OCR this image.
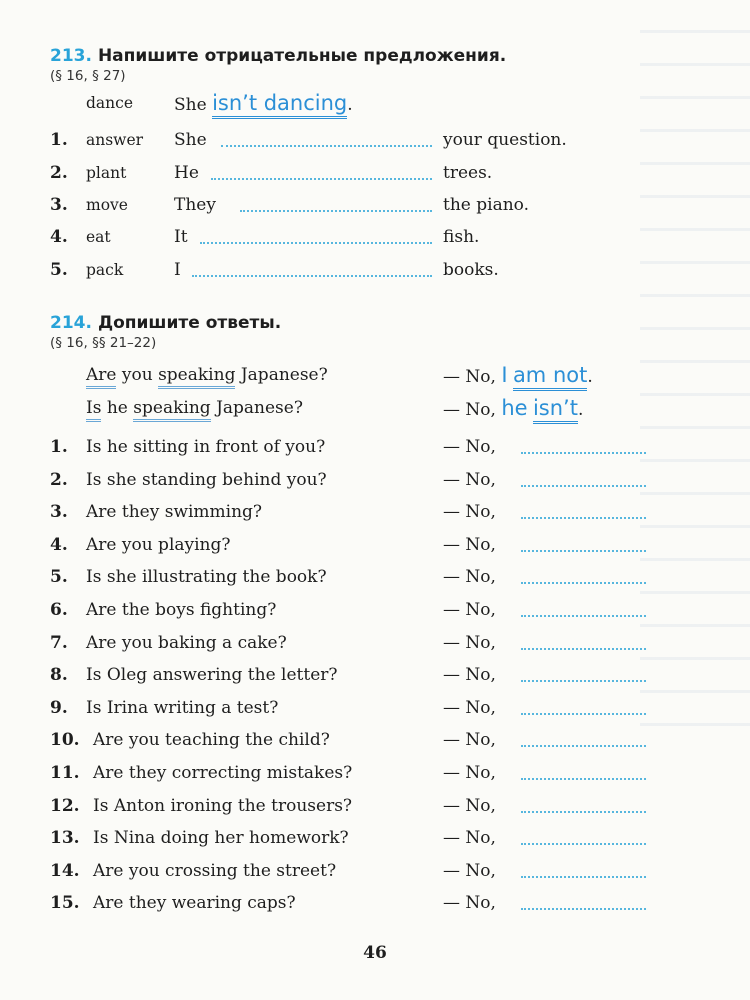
213. Напишите отрицательные предложения.
(§ 16, § 27)
dance She isn’t dancing.
1.	answer She	your question.
2.	plant	He	trees.
3.	move	They	the piano.
4.	eat	It	fish.
5.	pack	I	books.
214. Допишите ответы.
(§ 16, §§ 21–22)
Are you speaking Japanese?	— No, I am not.
Is he speaking Japanese?	— No, he isn’t.
1. Is he sitting in front of you?	— No,
2. Is she standing behind you?	— No,
3. Are they swimming?	— No,
4. Are you playing?	— No,
5. Is she illustrating the book?	— No,
6. Are the boys fighting?	— No,
7. Are you baking a cake?	— No,
8. Is Oleg answering the letter?	— No,
9. Is Irina writing a test?	— No,
10. Are you teaching the child?	— No,
11. Are they correcting mistakes?	— No,
12. Is Anton ironing the trousers?	— No,
13. Is Nina doing her homework?	— No,
14. Are you crossing the street?	— No,
15. Are they wearing caps?	— No,
46
